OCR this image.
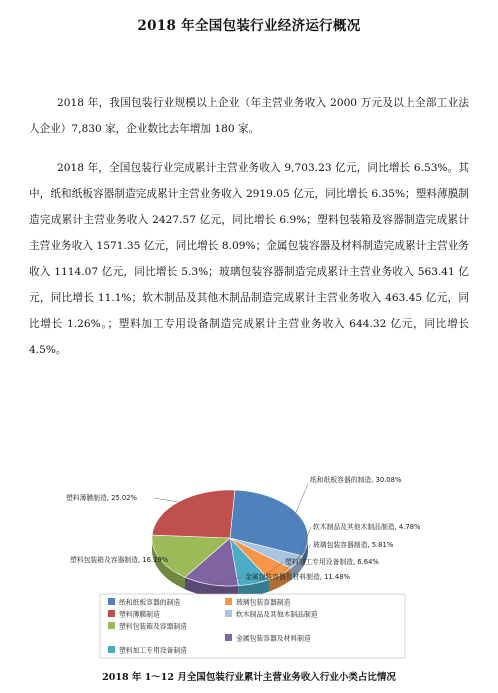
2018 年全国包装行业经济运行概况
2018 年，我国包装行业规模以上企业（年主营业务收入 2000 万元及以上全部工业法人企业）7,830 家，企业数比去年增加 180 家。
2018 年，全国包装行业完成累计主营业务收入 9,703.23 亿元，同比增长 6.53%。其中，纸和纸板容器制造完成累计主营业务收入 2919.05 亿元，同比增长 6.35%；塑料薄膜制造完成累计主营业务收入 2427.57 亿元，同比增长 6.9%；塑料包装箱及容器制造完成累计主营业务收入 1571.35 亿元，同比增长 8.09%；金属包装容器及材料制造完成累计主营业务收入 1114.07 亿元，同比增长 5.3%；玻璃包装容器制造完成累计主营业务收入 563.41 亿元，同比增长 11.1%；软木制品及其他木制品制造完成累计主营业务收入 463.45 亿元，同比增长 1.26%。；塑料加工专用设备制造完成累计主营业务收入 644.32 亿元，同比增长 4.5%。
纸和纸板容器的制造, 30.08%
软木制品及其他木制品制造, 4.78%
玻璃包装容器制造, 5.81%
塑料加工专用设备制造, 6.64%
金属包装容器及材料制造, 11.48%
塑料包装箱及容器制造, 16.19%
塑料薄膜制造, 25.02%
纸和纸板容器的制造	玻璃包装容器制造
塑料薄膜制造	软木制品及其他木制品制造
塑料包装箱及容器制造
金属包装容器及材料制造
塑料加工专用设备制造
2018 年 1～12 月全国包装行业累计主营业务收入行业小类占比情况
